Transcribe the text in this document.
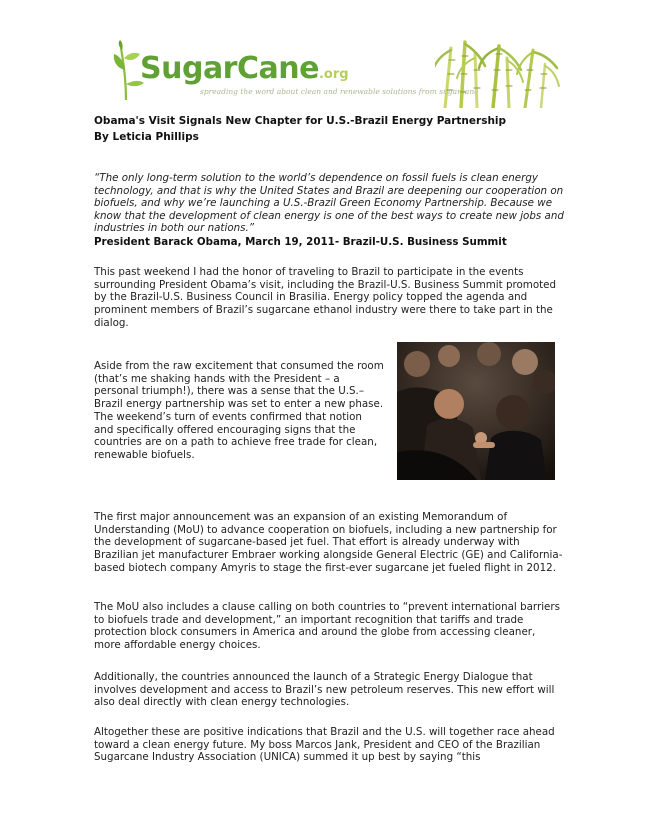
SugarCane.org
spreading the word about clean and renewable solutions from sugarcane
Obama's Visit Signals New Chapter for U.S.-Brazil Energy Partnership
By Leticia Phillips
“The only long-term solution to the world’s dependence on fossil fuels is clean energy technology, and that is why the United States and Brazil are deepening our cooperation on biofuels, and why we’re launching a U.S.-Brazil Green Economy Partnership. Because we know that the development of clean energy is one of the best ways to create new jobs and industries in both our nations.”
President Barack Obama, March 19, 2011- Brazil-U.S. Business Summit

This past weekend I had the honor of traveling to Brazil to participate in the events surrounding President Obama’s visit, including the Brazil-U.S. Business Summit promoted by the Brazil-U.S. Business Council in Brasilia. Energy policy topped the agenda and prominent members of Brazil’s sugarcane ethanol industry were there to take part in the dialog.

Aside from the raw excitement that consumed the room (that’s me shaking hands with the President – a personal triumph!), there was a sense that the U.S.–Brazil energy partnership was set to enter a new phase. The weekend’s turn of events confirmed that notion and specifically offered encouraging signs that the countries are on a path to achieve free trade for clean, renewable biofuels.

The first major announcement was an expansion of an existing Memorandum of Understanding (MoU) to advance cooperation on biofuels, including a new partnership for the development of sugarcane-based jet fuel. That effort is already underway with Brazilian jet manufacturer Embraer working alongside General Electric (GE) and California-based biotech company Amyris to stage the first-ever sugarcane jet fueled flight in 2012.

The MoU also includes a clause calling on both countries to “prevent international barriers to biofuels trade and development,” an important recognition that tariffs and trade protection block consumers in America and around the globe from accessing cleaner, more affordable energy choices.

Additionally, the countries announced the launch of a Strategic Energy Dialogue that involves development and access to Brazil’s new petroleum reserves. This new effort will also deal directly with clean energy technologies.

Altogether these are positive indications that Brazil and the U.S. will together race ahead toward a clean energy future. My boss Marcos Jank, President and CEO of the Brazilian Sugarcane Industry Association (UNICA) summed it up best by saying “this
